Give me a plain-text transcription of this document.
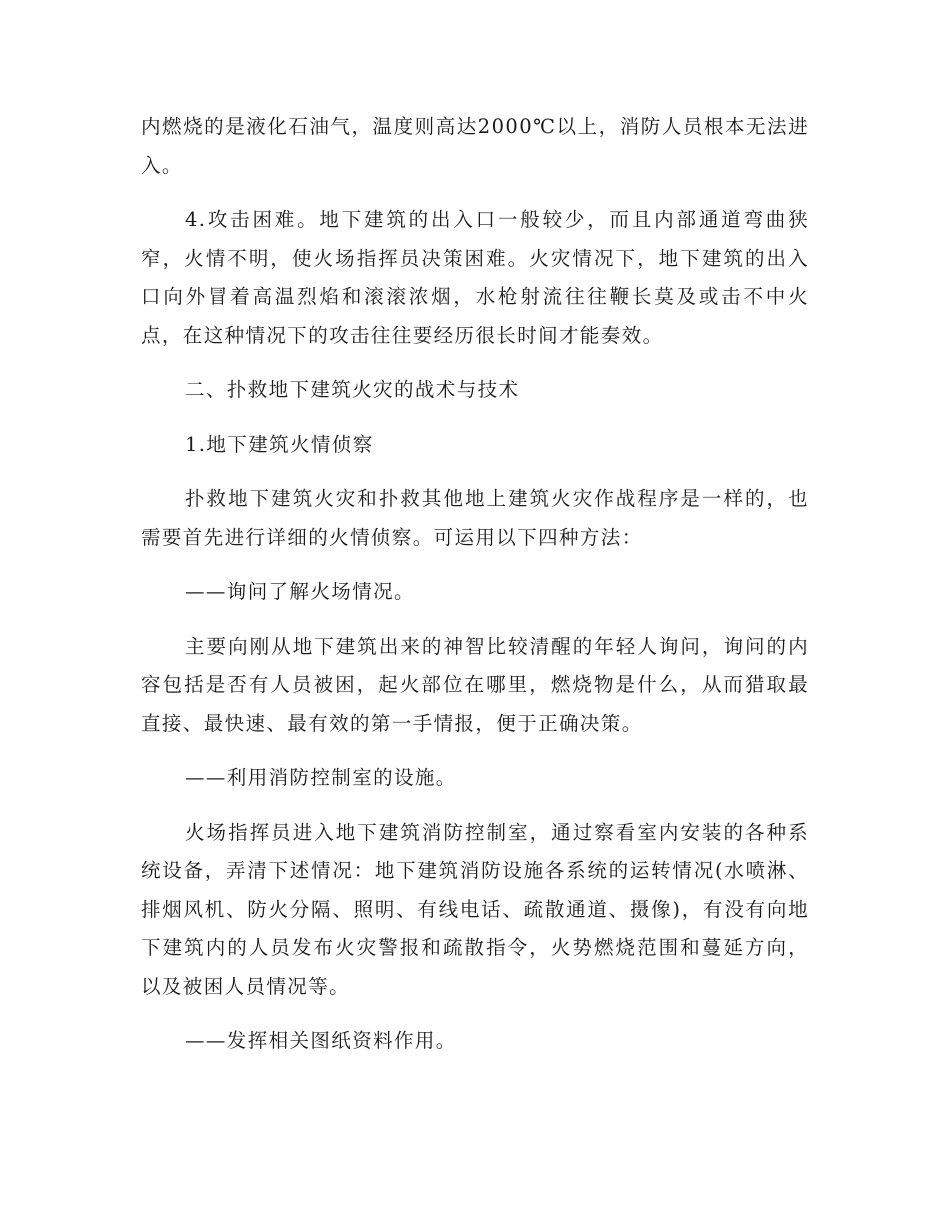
内燃烧的是液化石油气，温度则高达2000℃以上，消防人员根本无法进入。

4.攻击困难。地下建筑的出入口一般较少，而且内部通道弯曲狭窄，火情不明，使火场指挥员决策困难。火灾情况下，地下建筑的出入口向外冒着高温烈焰和滚滚浓烟，水枪射流往往鞭长莫及或击不中火点，在这种情况下的攻击往往要经历很长时间才能奏效。

二、扑救地下建筑火灾的战术与技术

1.地下建筑火情侦察

扑救地下建筑火灾和扑救其他地上建筑火灾作战程序是一样的，也需要首先进行详细的火情侦察。可运用以下四种方法：

——询问了解火场情况。

主要向刚从地下建筑出来的神智比较清醒的年轻人询问，询问的内容包括是否有人员被困，起火部位在哪里，燃烧物是什么，从而猎取最直接、最快速、最有效的第一手情报，便于正确决策。

——利用消防控制室的设施。

火场指挥员进入地下建筑消防控制室，通过察看室内安装的各种系统设备，弄清下述情况：地下建筑消防设施各系统的运转情况(水喷淋、排烟风机、防火分隔、照明、有线电话、疏散通道、摄像)，有没有向地下建筑内的人员发布火灾警报和疏散指令，火势燃烧范围和蔓延方向，以及被困人员情况等。

——发挥相关图纸资料作用。
